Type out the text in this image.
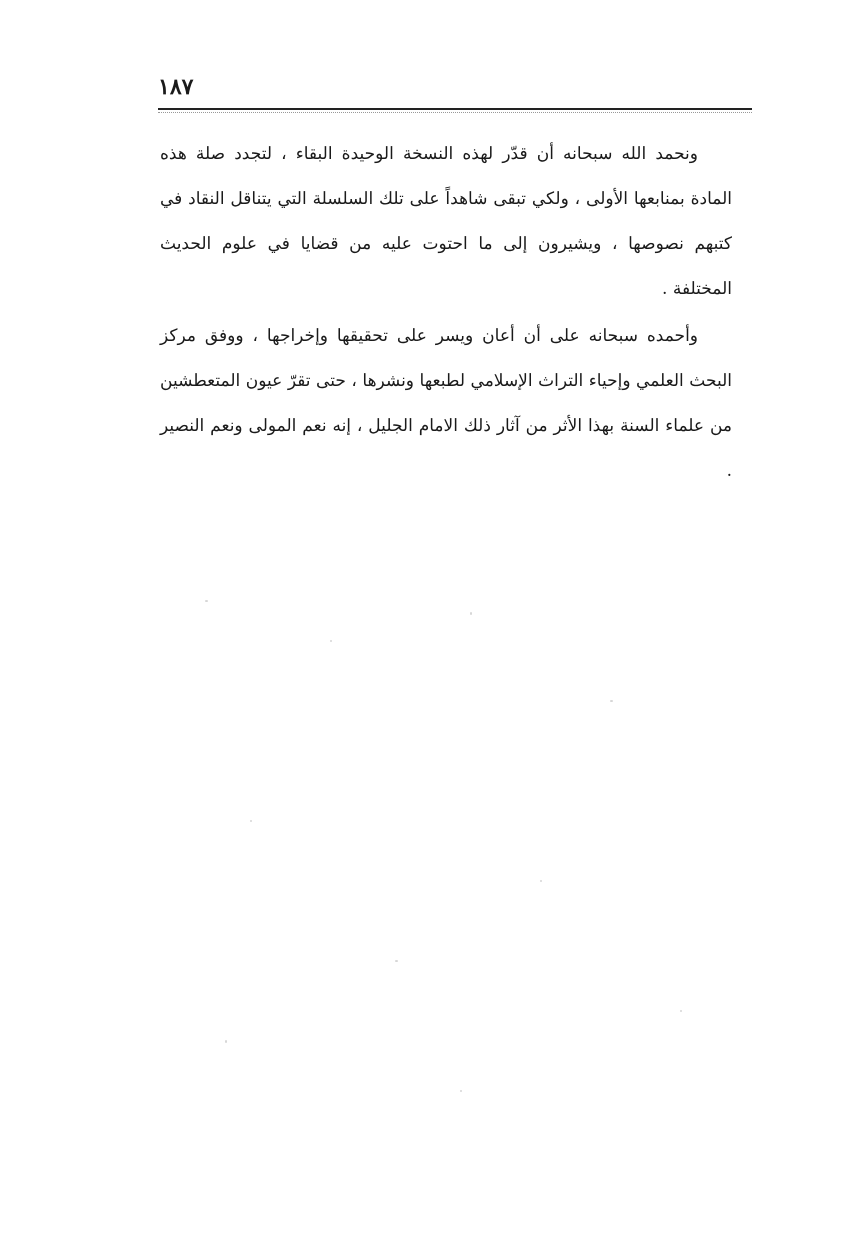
١٨٧

ونحمد الله سبحانه أن قدّر لهذه النسخة الوحيدة البقاء ، لتجدد صلة هذه المادة بمنابعها الأولى ، ولكي تبقى شاهداً على تلك السلسلة التي يتناقل النقاد في كتبهم نصوصها ، ويشيرون إلى ما احتوت عليه من قضايا في علوم الحديث المختلفة .

وأحمده سبحانه على أن أعان ويسر على تحقيقها وإخراجها ، ووفق مركز البحث العلمي وإحياء التراث الإسلامي لطبعها ونشرها ، حتى تقرّ عيون المتعطشين من علماء السنة بهذا الأثر من آثار ذلك الامام الجليل ، إنه نعم المولى ونعم النصير .
